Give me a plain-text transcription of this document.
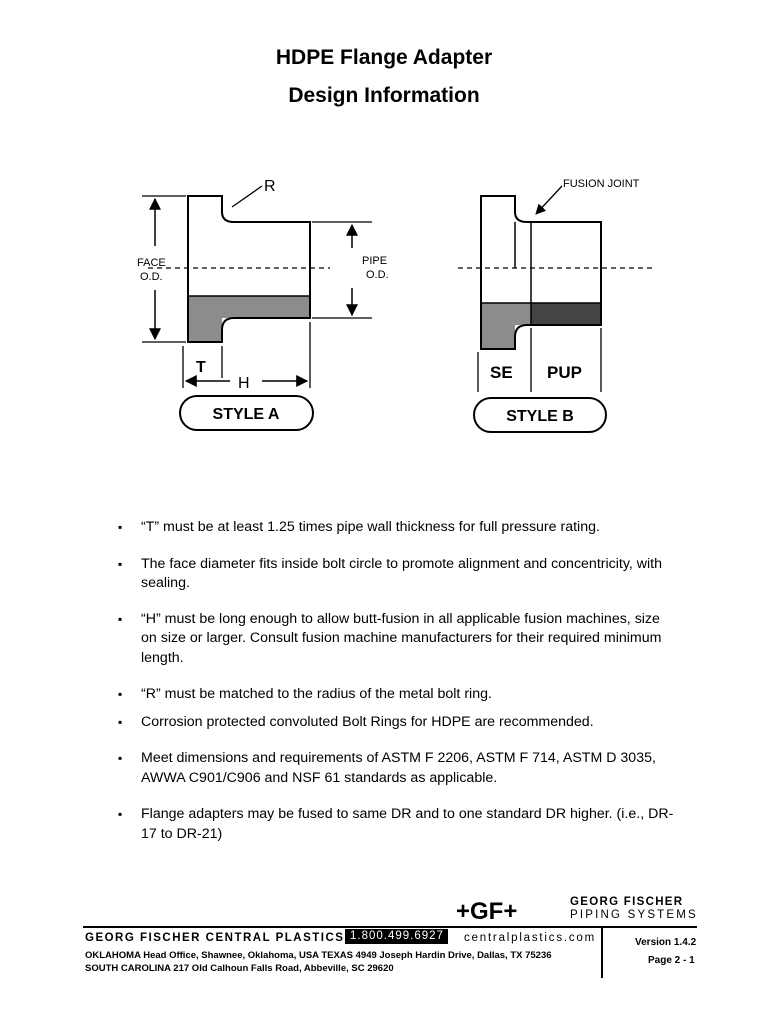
HDPE Flange Adapter
Design Information
FACE
O.D.
PIPE
O.D.
R
T
H
STYLE A
FUSION JOINT
SE PUP
STYLE B
▪ “T” must be at least 1.25 times pipe wall thickness for full pressure rating.
▪ The face diameter fits inside bolt circle to promote alignment and concentricity, with sealing.
▪ “H” must be long enough to allow butt-fusion in all applicable fusion machines, size on size or larger. Consult fusion machine manufacturers for their required minimum length.
▪ “R” must be matched to the radius of the metal bolt ring.
▪ Corrosion protected convoluted Bolt Rings for HDPE are recommended.
▪ Meet dimensions and requirements of ASTM F 2206, ASTM F 714, ASTM D 3035, AWWA C901/C906 and NSF 61 standards as applicable.
▪ Flange adapters may be fused to same DR and to one standard DR higher. (i.e., DR-17 to DR-21)
+GF+	GEORG FISCHER
PIPING SYSTEMS
GEORG FISCHER CENTRAL PLASTICS 1.800.499.6927	centralplastics.com
OKLAHOMA Head Office, Shawnee, Oklahoma, USA TEXAS 4949 Joseph Hardin Drive, Dallas, TX 75236
SOUTH CAROLINA 217 Old Calhoun Falls Road, Abbeville, SC 29620
Version 1.4.2
Page 2 - 1
